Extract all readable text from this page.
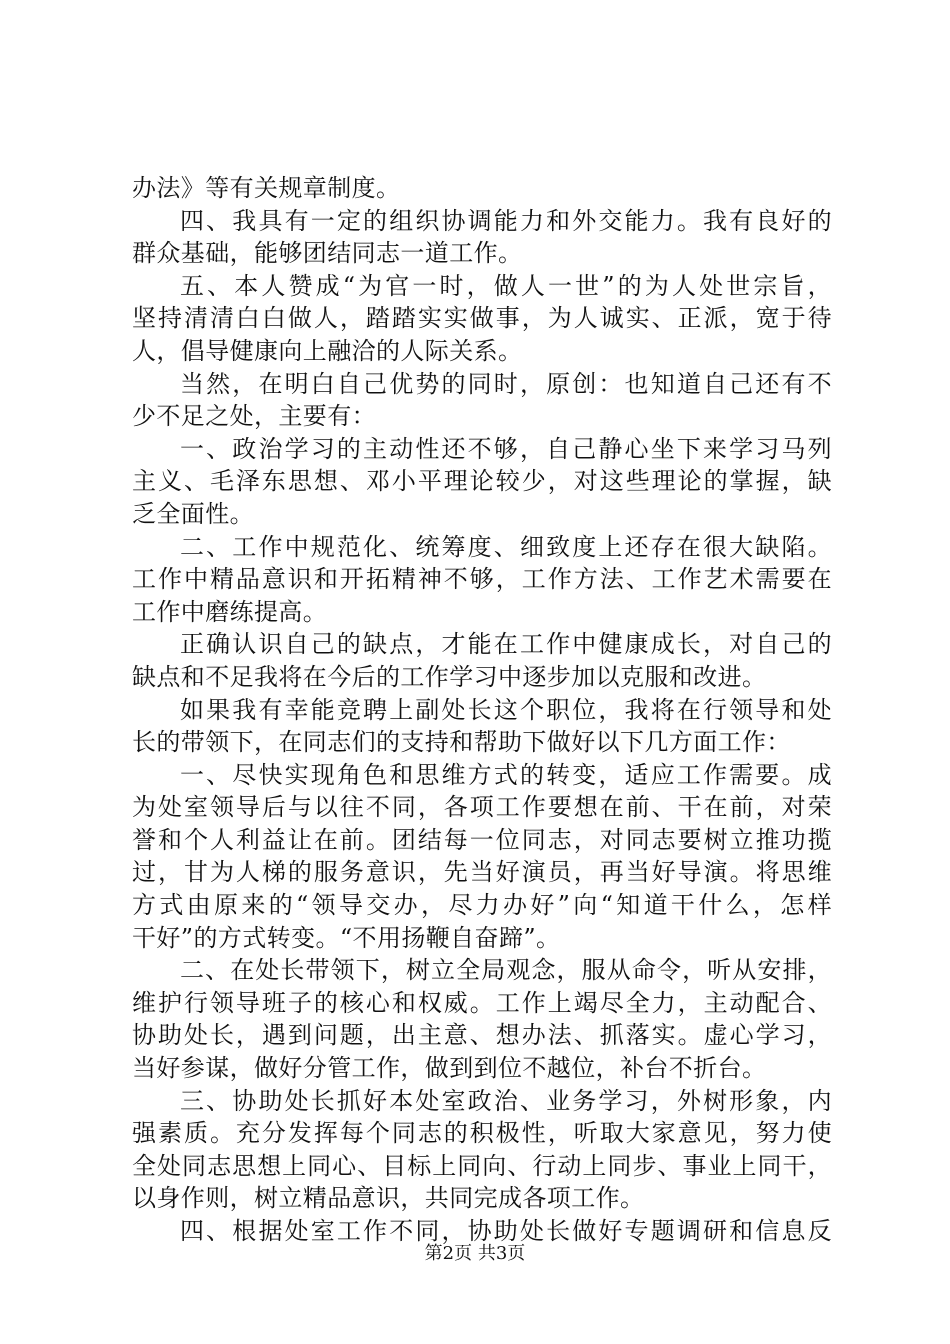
办法》等有关规章制度。
四、我具有一定的组织协调能力和外交能力。我有良好的
群众基础，能够团结同志一道工作。
五、本人赞成“为官一时，做人一世”的为人处世宗旨，
坚持清清白白做人，踏踏实实做事，为人诚实、正派，宽于待
人，倡导健康向上融洽的人际关系。
当然，在明白自己优势的同时，原创：也知道自己还有不
少不足之处，主要有：
一、政治学习的主动性还不够，自己静心坐下来学习马列
主义、毛泽东思想、邓小平理论较少，对这些理论的掌握，缺
乏全面性。
二、工作中规范化、统筹度、细致度上还存在很大缺陷。
工作中精品意识和开拓精神不够，工作方法、工作艺术需要在
工作中磨练提高。
正确认识自己的缺点，才能在工作中健康成长，对自己的
缺点和不足我将在今后的工作学习中逐步加以克服和改进。
如果我有幸能竞聘上副处长这个职位，我将在行领导和处
长的带领下，在同志们的支持和帮助下做好以下几方面工作：
一、尽快实现角色和思维方式的转变，适应工作需要。成
为处室领导后与以往不同，各项工作要想在前、干在前，对荣
誉和个人利益让在前。团结每一位同志，对同志要树立推功揽
过，甘为人梯的服务意识，先当好演员，再当好导演。将思维
方式由原来的“领导交办，尽力办好”向“知道干什么，怎样
干好”的方式转变。“不用扬鞭自奋蹄”。
二、在处长带领下，树立全局观念，服从命令，听从安排，
维护行领导班子的核心和权威。工作上竭尽全力，主动配合、
协助处长，遇到问题，出主意、想办法、抓落实。虚心学习，
当好参谋，做好分管工作，做到到位不越位，补台不折台。
三、协助处长抓好本处室政治、业务学习，外树形象，内
强素质。充分发挥每个同志的积极性，听取大家意见，努力使
全处同志思想上同心、目标上同向、行动上同步、事业上同干，
以身作则，树立精品意识，共同完成各项工作。
四、根据处室工作不同，协助处长做好专题调研和信息反
第2页 共3页
